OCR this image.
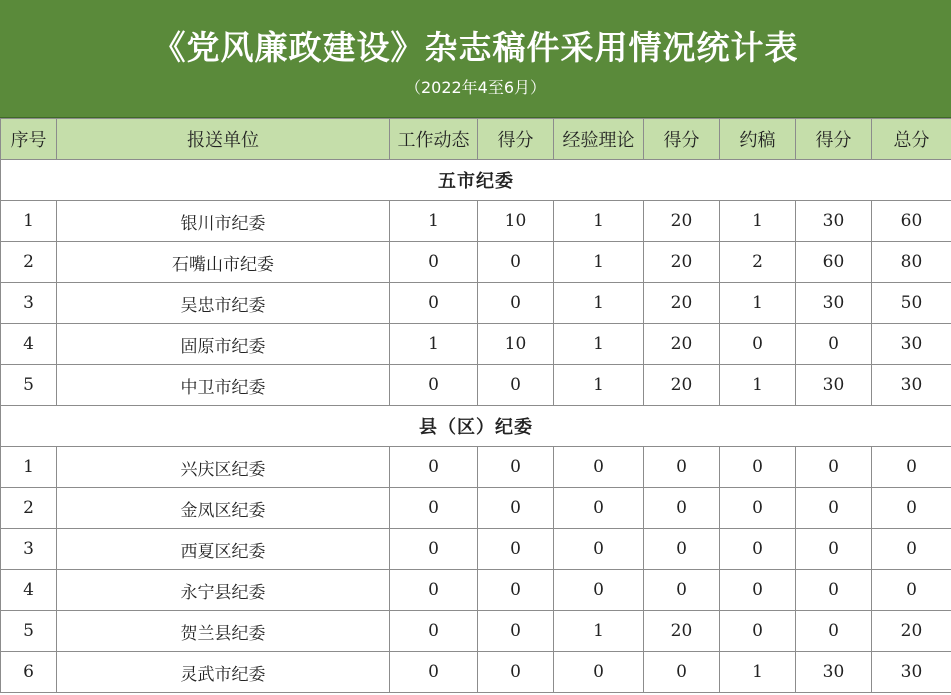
《党风廉政建设》杂志稿件采用情况统计表
（2022年4至6月）
序号	报送单位	工作动态	得分	经验理论	得分	约稿	得分	总分
五市纪委								
1	银川市纪委	1	10	1	20	1	30	60
2	石嘴山市纪委	0	0	1	20	2	60	80
3	吴忠市纪委	0	0	1	20	1	30	50
4	固原市纪委	1	10	1	20	0	0	30
5	中卫市纪委	0	0	1	20	1	30	30
县（区）纪委								
1	兴庆区纪委	0	0	0	0	0	0	0
2	金凤区纪委	0	0	0	0	0	0	0
3	西夏区纪委	0	0	0	0	0	0	0
4	永宁县纪委	0	0	0	0	0	0	0
5	贺兰县纪委	0	0	1	20	0	0	20
6	灵武市纪委	0	0	0	0	1	30	30
